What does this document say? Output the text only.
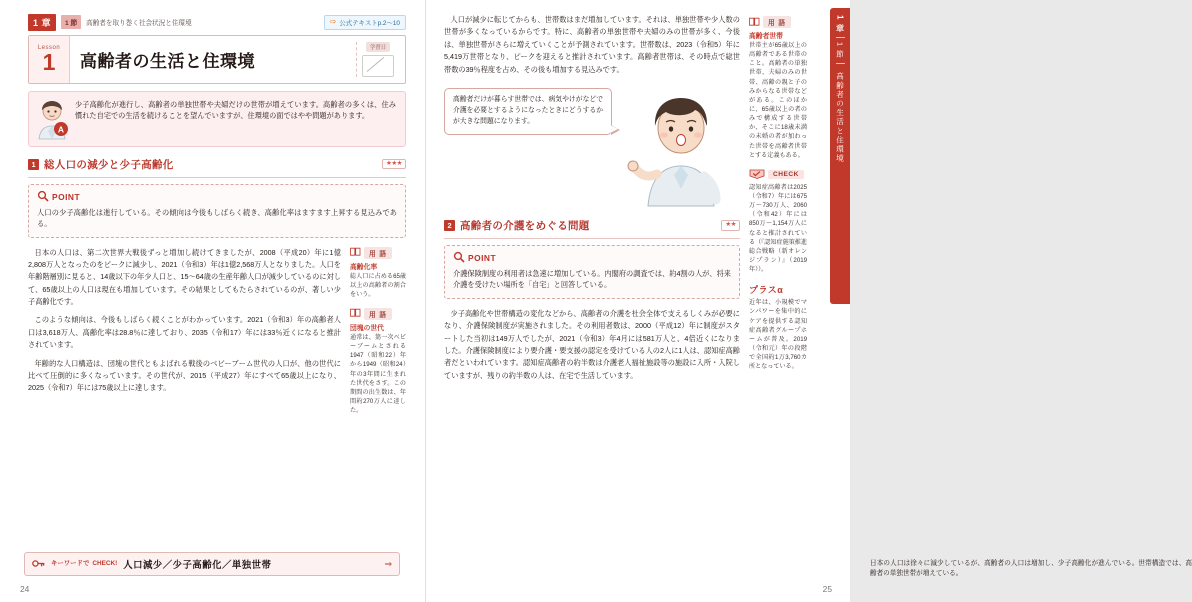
1 章	1 節	高齢者を取り巻く社会状況と住環境	⇨ 公式テキストp.2～10
Lesson
1	高齢者の生活と住環境
学習日
A
少子高齢化が進行し、高齢者の単独世帯や夫婦だけの世帯が増えています。高齢者の多くは、住み慣れた自宅での生活を続けることを望んでいますが、住環境の面ではやや問題があります。
1 総人口の減少と少子高齢化	★★★
POINT
人口の少子高齢化は進行している。その傾向は今後もしばらく続き、高齢化率はますます上昇する見込みである。

日本の人口は、第二次世界大戦後ずっと増加し続けてきましたが、2008（平成20）年に1億2,808万人となったのをピークに減少し、2021（令和3）年は1億2,568万人となりました。人口を年齢階層別に見ると、14歳以下の年少人口と、15～64歳の生産年齢人口が減少しているのに対して、65歳以上の人口は現在も増加しています。その結果としてもたらされているのが、著しい少子高齢化です。

このような傾向は、今後もしばらく続くことがわかっています。2021（令和3）年の高齢者人口は3,618万人、高齢化率は28.8％に達しており、2035（令和17）年には33％近くになると推計されています。

年齢的な人口構造は、団塊の世代ともよばれる戦後のベビーブーム世代の人口が、他の世代に比べて圧倒的に多くなっています。その世代が、2015（平成27）年にすべて65歳以上になり、2025（令和7）年には75歳以上に達します。

用 語
高齢化率
総人口に占める65歳以上の高齢者の割合をいう。
用 語
団塊の世代
通常は、第一次ベビーブームとされる1947（昭和22）年から1949（昭和24）年の3年間に生まれた世代をさす。この期間の出生数は、年間約270万人に達した。
キーワードで CHECK! 人口減少／少子高齢化／単独世帯	⇒
24

人口が減少に転じてからも、世帯数はまだ増加しています。それは、単独世帯や少人数の世帯が多くなっているからです。特に、高齢者の単独世帯や夫婦のみの世帯が多く、今後は、単独世帯がさらに増えていくことが予測されています。世帯数は、2023（令和5）年に5,419万世帯となり、ピークを迎えると推計されています。高齢者世帯は、その時点で総世帯数の39％程度を占め、その後も増加する見込みです。

高齢者だけが暮らす世帯では、病気やけがなどで介護を必要とするようになったときにどうするかが大きな問題になります。
2 高齢者の介護をめぐる問題	★★
POINT
介護保険制度の利用者は急速に増加している。内閣府の調査では、約4割の人が、将来介護を受けたい場所を「自宅」と回答している。

少子高齢化や世帯構造の変化などから、高齢者の介護を社会全体で支えるしくみが必要になり、介護保険制度が実施されました。その利用者数は、2000（平成12）年に制度がスタートした当初は149万人でしたが、2021（令和3）年4月には581万人と、4倍近くになりました。介護保険制度により要介護・要支援の認定を受けている人の2人に1人は、認知症高齢者だといわれています。認知症高齢者の約半数は介護老人福祉施設等の施設に入所・入院していますが、残りの約半数の人は、在宅で生活しています。

用 語
高齢者世帯
世帯主が65歳以上の高齢者である世帯のこと。高齢者の単独世帯、夫婦のみの世帯、高齢の親と子のみからなる世帯などがある。このほかに、65歳以上の者のみで構成する世帯か、そこに18歳未満の未婚の者が加わった世帯を高齢者世帯とする定義もある。
CHECK
認知症高齢者は2025（令和7）年には675万～730万人、2060（令和42）年には850万～1,154万人になると推計されている（『認知症施策推進総合戦略（新オレンジプラン）』（2019年））。
プラスα
近年は、小規模でマンパワーを集中的にケアを提供する認知症高齢者グループホームが普及。2019（令和元）年の段階で全国約1万3,760カ所となっている。
日本の人口は徐々に減少しているが、高齢者の人口は増加し、少子高齢化が進んでいる。世帯構造では、高齢者の単独世帯が増えている。
25
1 章
1 節
高齢者の生活と住環境
